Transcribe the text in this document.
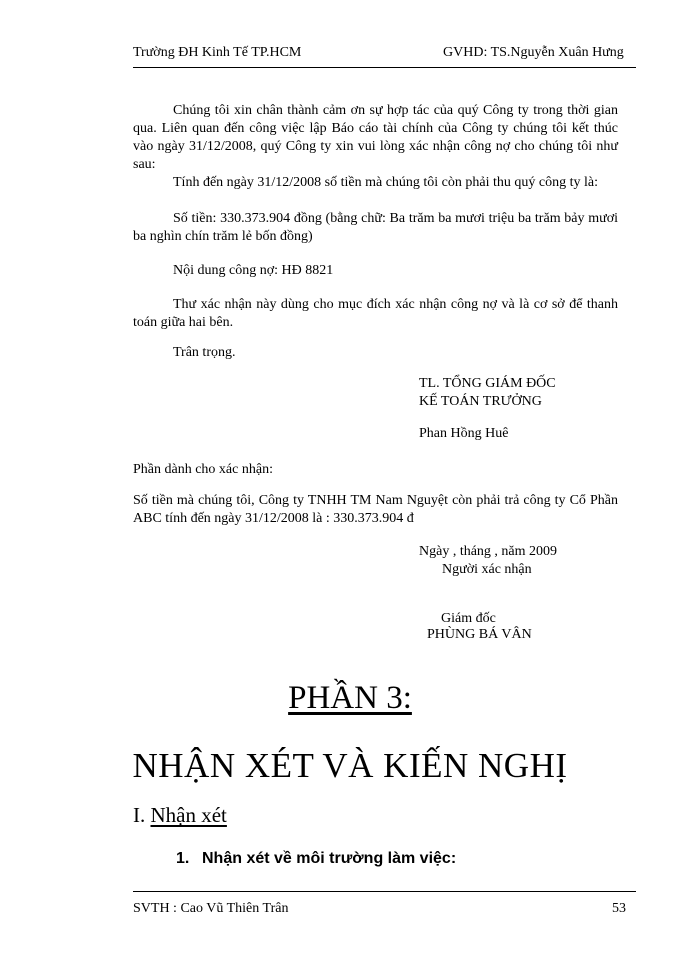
Trường ĐH Kinh Tế TP.HCM	GVHD: TS.Nguyễn Xuân Hưng
Chúng tôi xin chân thành cảm ơn sự hợp tác của quý Công ty trong thời gian qua. Liên quan đến công việc lập Báo cáo tài chính của Công ty chúng tôi kết thúc vào ngày 31/12/2008, quý Công ty xin vui lòng xác nhận công nợ cho chúng tôi như sau:
Tính đến ngày 31/12/2008 số tiền mà chúng tôi còn phải thu quý công ty là:
Số tiền: 330.373.904 đồng (bằng chữ: Ba trăm ba mươi triệu ba trăm bảy mươi ba nghìn chín trăm lẻ bốn đồng)
Nội dung công nợ: HĐ 8821
Thư xác nhận này dùng cho mục đích xác nhận công nợ và là cơ sở để thanh toán giữa hai bên.
Trân trọng.
TL. TỔNG GIÁM ĐỐC
KẾ TOÁN TRƯỞNG
Phan Hồng Huê
Phần dành cho xác nhận:
Số tiền mà chúng tôi, Công ty TNHH TM Nam Nguyệt còn phải trả công ty Cổ Phần ABC tính đến ngày 31/12/2008 là : 330.373.904 đ
Ngày , tháng , năm 2009
Người xác nhận
Giám đốc
PHÙNG BÁ VÂN
PHẦN 3:
NHẬN XÉT VÀ KIẾN NGHỊ
I. Nhận xét
1. Nhận xét về môi trường làm việc:
SVTH : Cao Vũ Thiên Trân	53
